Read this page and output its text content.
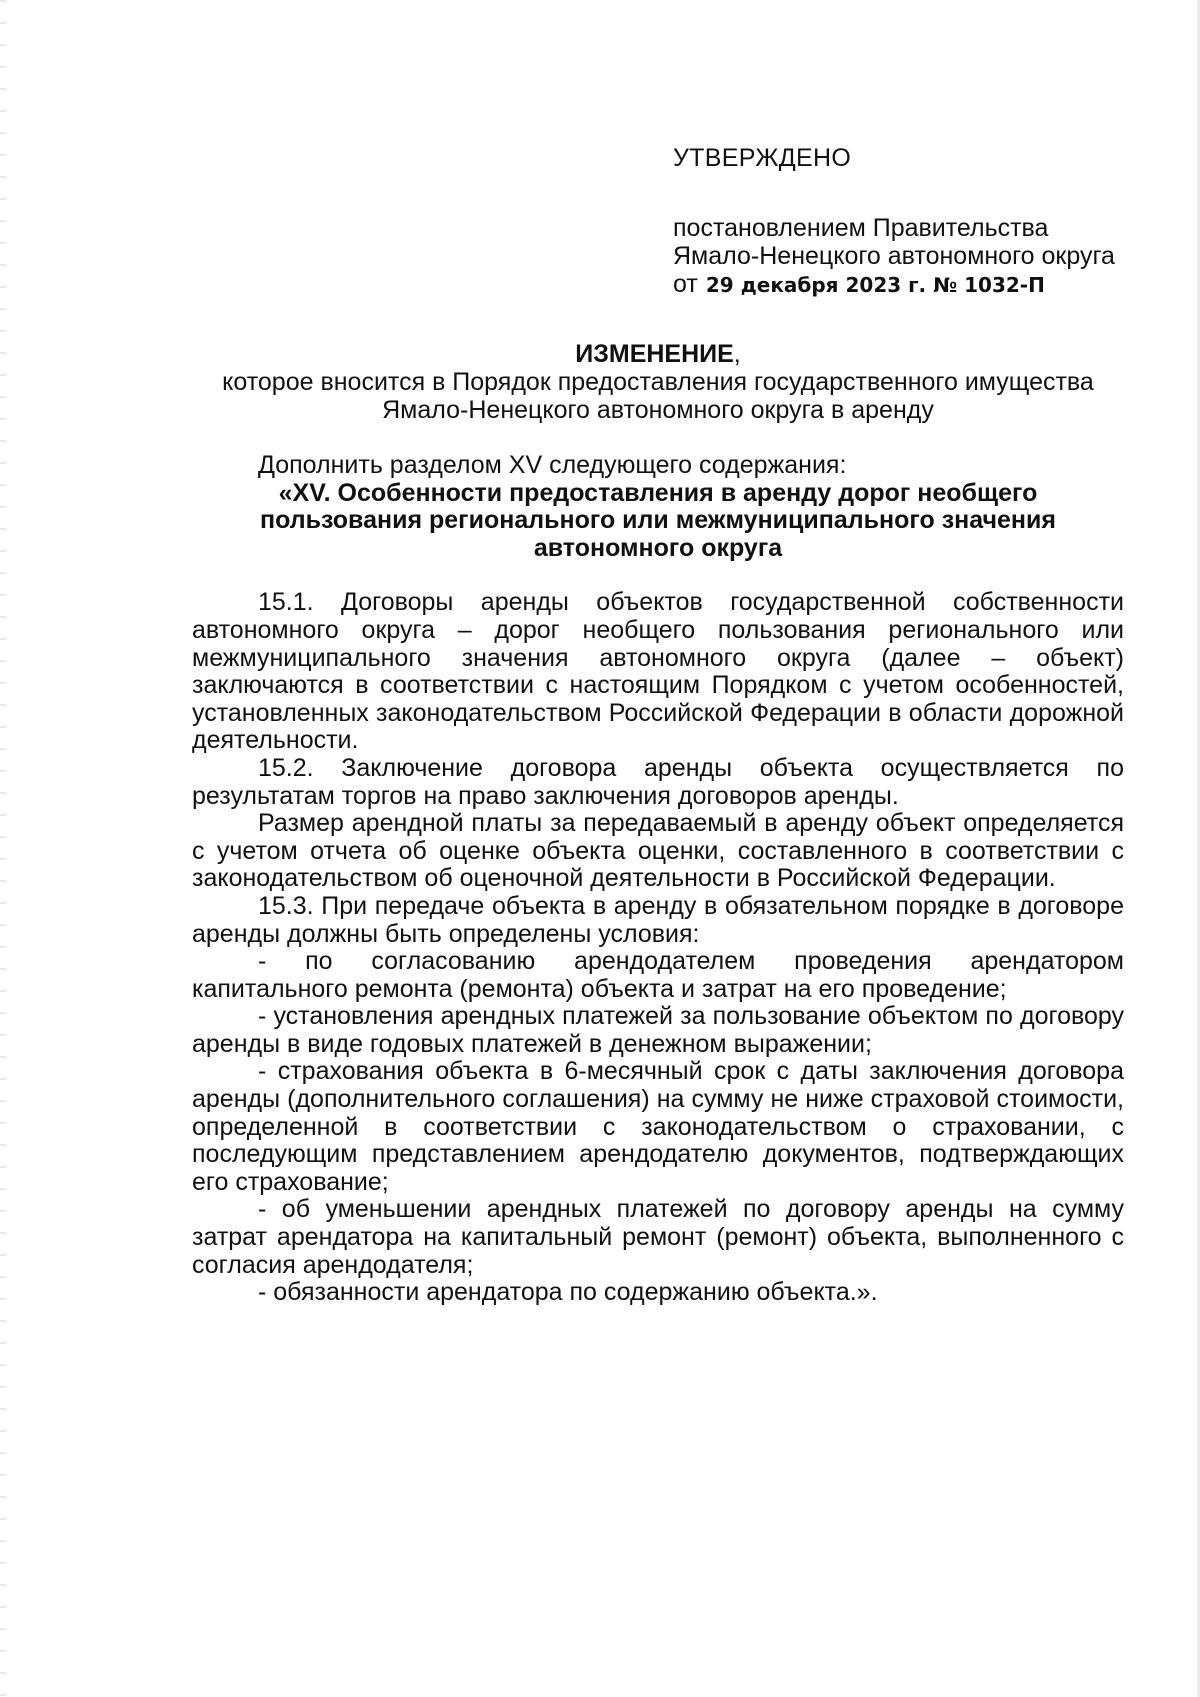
УТВЕРЖДЕНО
постановлением Правительства
Ямало-Ненецкого автономного округа
от 29 декабря 2023 г. № 1032-П
ИЗМЕНЕНИЕ,
которое вносится в Порядок предоставления государственного имущества
Ямало-Ненецкого автономного округа в аренду
Дополнить разделом XV следующего содержания:
«XV. Особенности предоставления в аренду дорог необщего пользования регионального или межмуниципального значения автономного округа

15.1. Договоры аренды объектов государственной собственности автономного округа – дорог необщего пользования регионального или межмуниципального значения автономного округа (далее – объект) заключаются в соответствии с настоящим Порядком с учетом особенностей, установленных законодательством Российской Федерации в области дорожной деятельности.

15.2. Заключение договора аренды объекта осуществляется по результатам торгов на право заключения договоров аренды.

Размер арендной платы за передаваемый в аренду объект определяется с учетом отчета об оценке объекта оценки, составленного в соответствии с законодательством об оценочной деятельности в Российской Федерации.

15.3. При передаче объекта в аренду в обязательном порядке в договоре аренды должны быть определены условия:

- по согласованию арендодателем проведения арендатором капитального ремонта (ремонта) объекта и затрат на его проведение;

- установления арендных платежей за пользование объектом по договору аренды в виде годовых платежей в денежном выражении;

- страхования объекта в 6-месячный срок с даты заключения договора аренды (дополнительного соглашения) на сумму не ниже страховой стоимости, определенной в соответствии с законодательством о страховании, с последующим представлением арендодателю документов, подтверждающих его страхование;

- об уменьшении арендных платежей по договору аренды на сумму затрат арендатора на капитальный ремонт (ремонт) объекта, выполненного с согласия арендодателя;

- обязанности арендатора по содержанию объекта.».
